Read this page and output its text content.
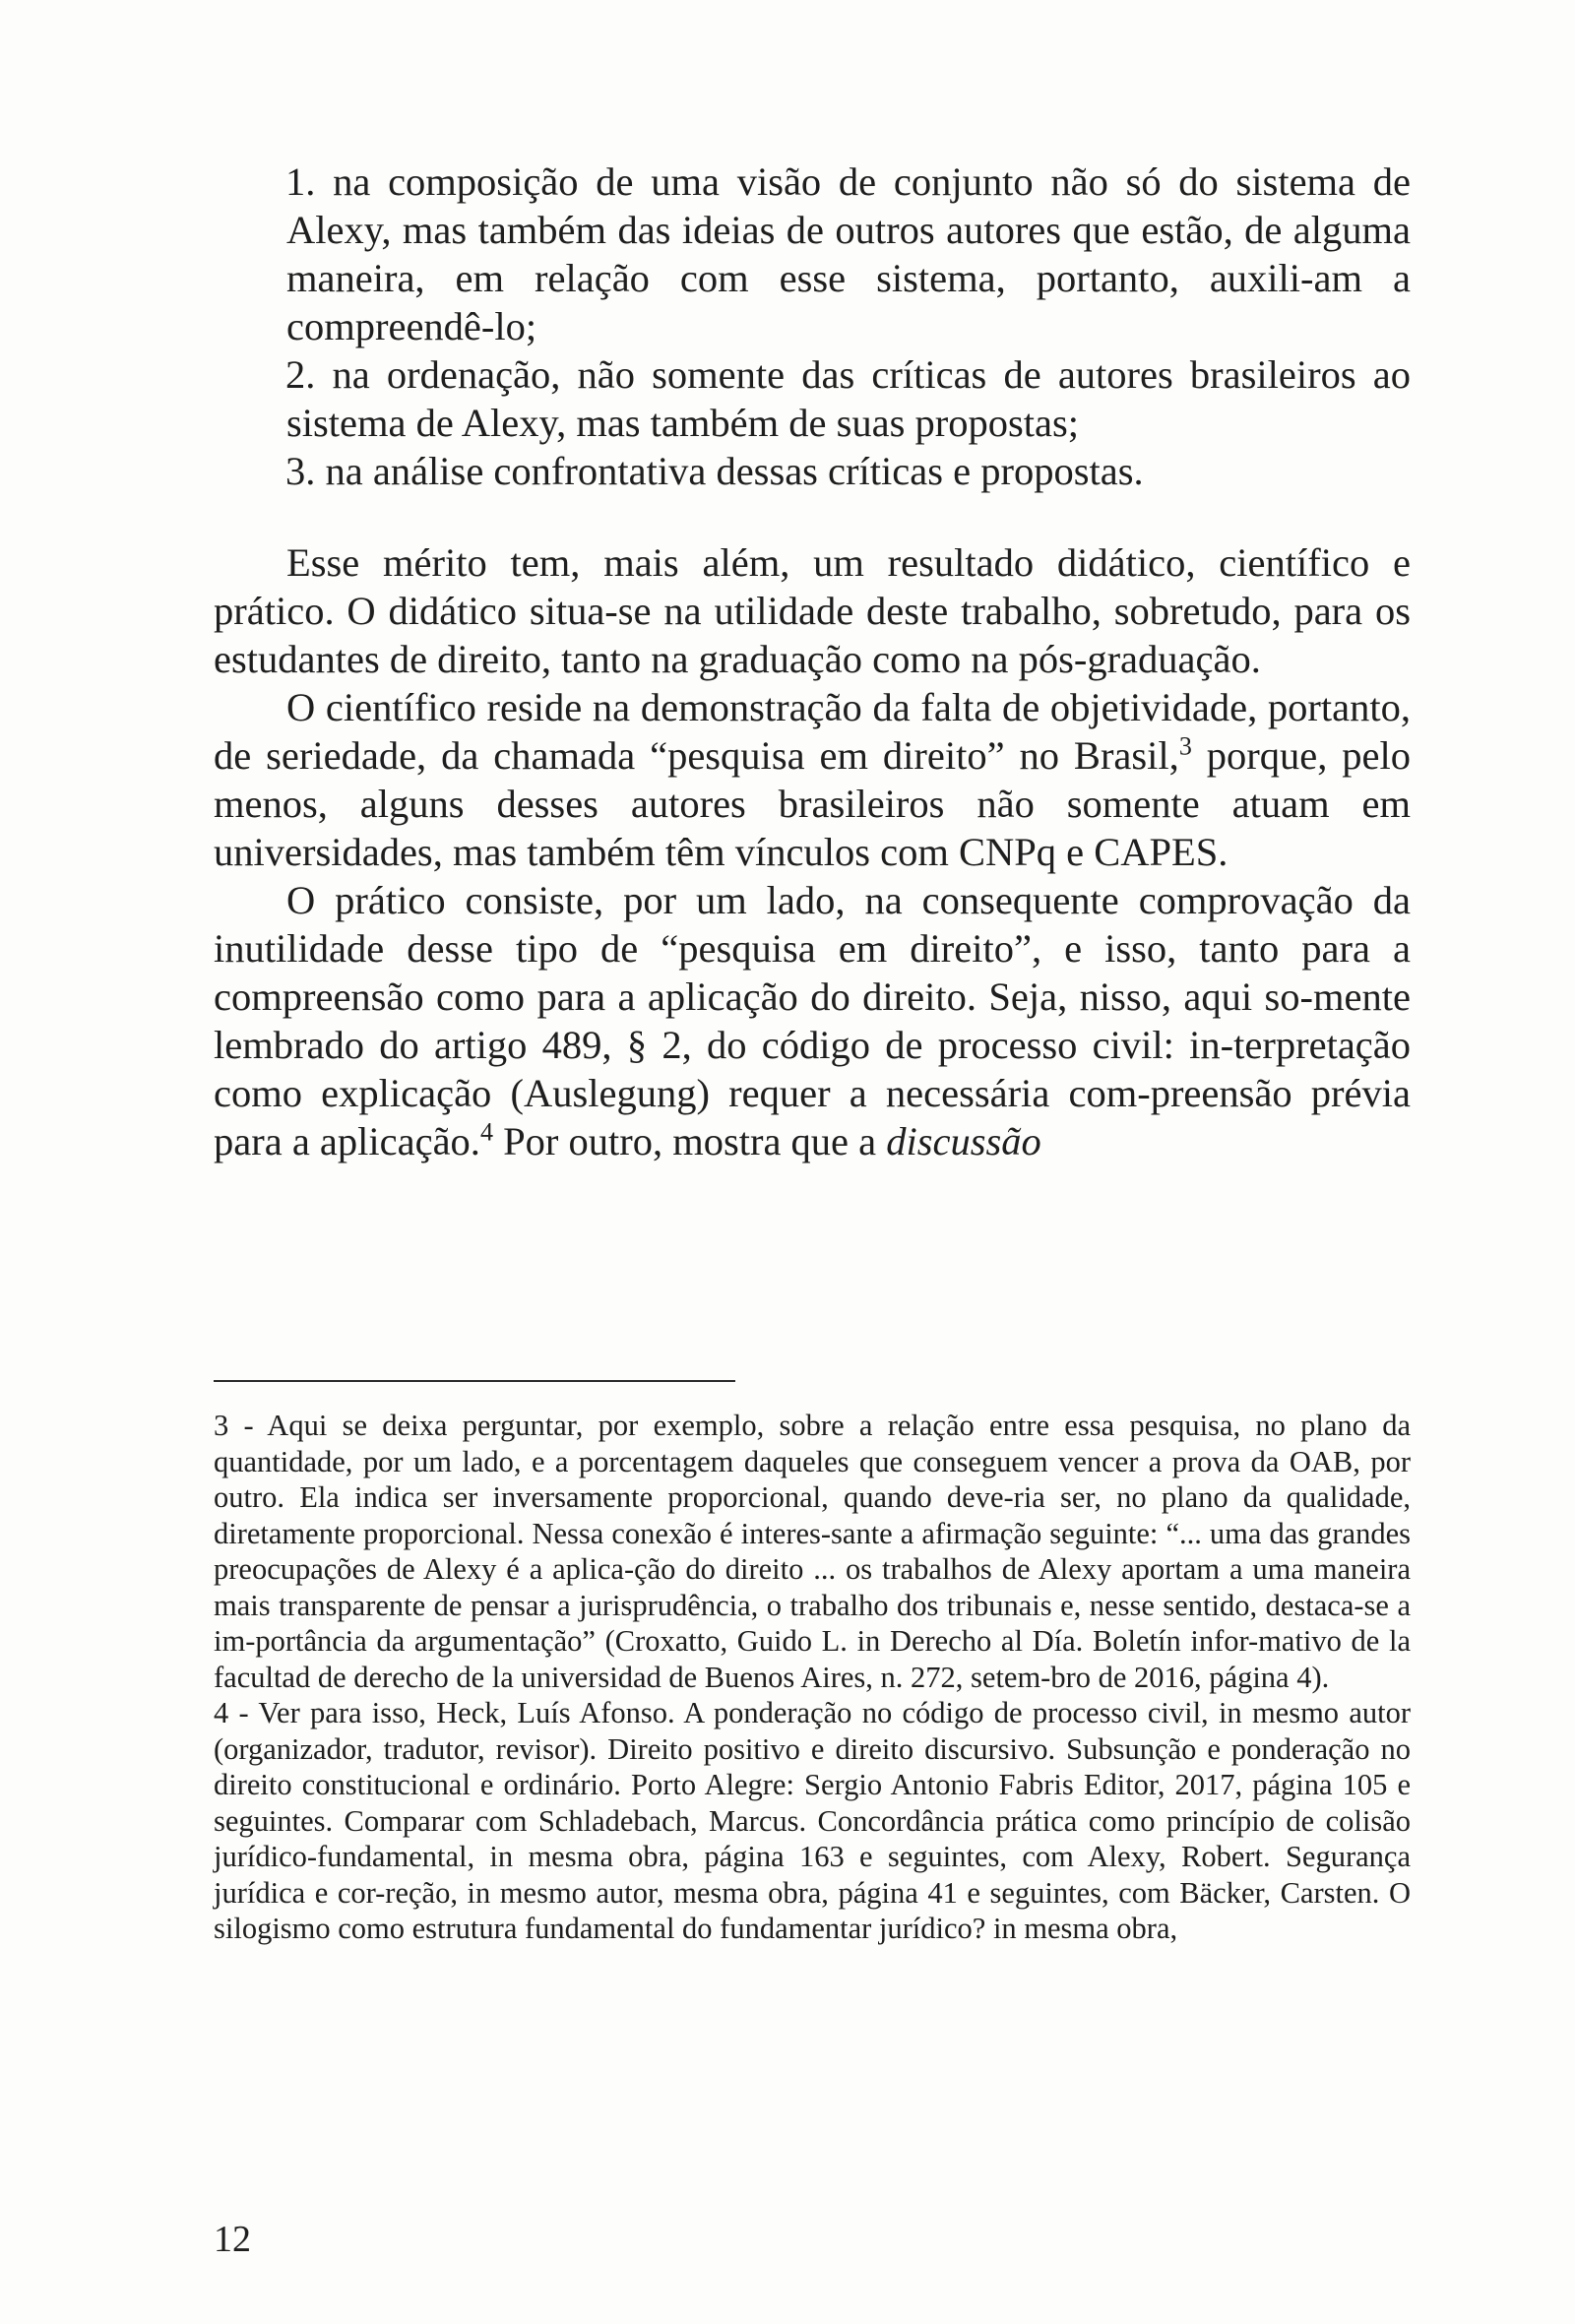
1. na composição de uma visão de conjunto não só do sistema de Alexy, mas também das ideias de outros autores que estão, de alguma maneira, em relação com esse sistema, portanto, auxili-am a compreendê-lo;

2. na ordenação, não somente das críticas de autores brasileiros ao sistema de Alexy, mas também de suas propostas;

3. na análise confrontativa dessas críticas e propostas.

Esse mérito tem, mais além, um resultado didático, científico e prático. O didático situa-se na utilidade deste trabalho, sobretudo, para os estudantes de direito, tanto na graduação como na pós-graduação.

O científico reside na demonstração da falta de objetividade, portanto, de seriedade, da chamada “pesquisa em direito” no Brasil,$^3$ porque, pelo menos, alguns desses autores brasileiros não somente atuam em universidades, mas também têm vínculos com CNPq e CAPES.

O prático consiste, por um lado, na consequente comprovação da inutilidade desse tipo de “pesquisa em direito”, e isso, tanto para a compreensão como para a aplicação do direito. Seja, nisso, aqui so-mente lembrado do artigo 489, § 2, do código de processo civil: in-terpretação como explicação (Auslegung) requer a necessária com-preensão prévia para a aplicação.$^4$ Por outro, mostra que a discussão

3 - Aqui se deixa perguntar, por exemplo, sobre a relação entre essa pesquisa, no plano da quantidade, por um lado, e a porcentagem daqueles que conseguem vencer a prova da OAB, por outro. Ela indica ser inversamente proporcional, quando deve-ria ser, no plano da qualidade, diretamente proporcional. Nessa conexão é interes-sante a afirmação seguinte: “... uma das grandes preocupações de Alexy é a aplica-ção do direito ... os trabalhos de Alexy aportam a uma maneira mais transparente de pensar a jurisprudência, o trabalho dos tribunais e, nesse sentido, destaca-se a im-portância da argumentação” (Croxatto, Guido L. in Derecho al Día. Boletín infor-mativo de la facultad de derecho de la universidad de Buenos Aires, n. 272, setem-bro de 2016, página 4).

4 - Ver para isso, Heck, Luís Afonso. A ponderação no código de processo civil, in mesmo autor (organizador, tradutor, revisor). Direito positivo e direito discursivo. Subsunção e ponderação no direito constitucional e ordinário. Porto Alegre: Sergio Antonio Fabris Editor, 2017, página 105 e seguintes. Comparar com Schladebach, Marcus. Concordância prática como princípio de colisão jurídico-fundamental, in mesma obra, página 163 e seguintes, com Alexy, Robert. Segurança jurídica e cor-reção, in mesmo autor, mesma obra, página 41 e seguintes, com Bäcker, Carsten. O silogismo como estrutura fundamental do fundamentar jurídico? in mesma obra,

12
